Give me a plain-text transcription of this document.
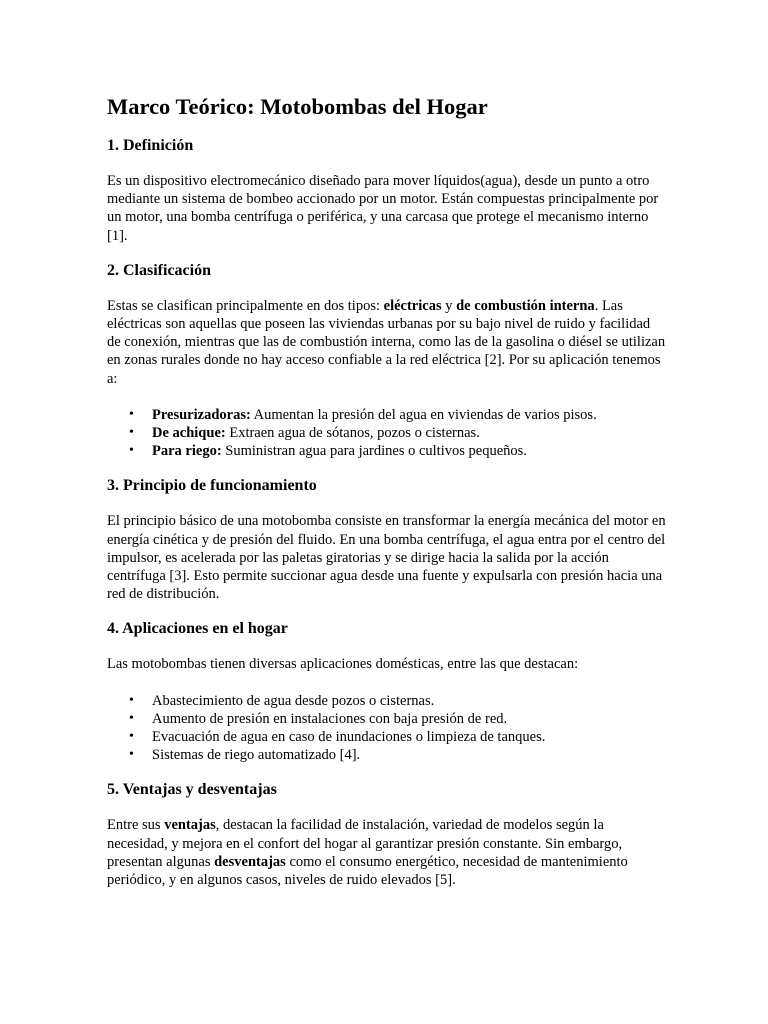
Marco Teórico: Motobombas del Hogar
1. Definición

Es un dispositivo electromecánico diseñado para mover líquidos(agua), desde un punto a otro mediante un sistema de bombeo accionado por un motor. Están compuestas principalmente por un motor, una bomba centrífuga o periférica, y una carcasa que protege el mecanismo interno [1].

2. Clasificación

Estas se clasifican principalmente en dos tipos: eléctricas y de combustión interna. Las eléctricas son aquellas que poseen las viviendas urbanas por su bajo nivel de ruido y facilidad de conexión, mientras que las de combustión interna, como las de la gasolina o diésel se utilizan en zonas rurales donde no hay acceso confiable a la red eléctrica [2]. Por su aplicación tenemos a:

• Presurizadoras: Aumentan la presión del agua en viviendas de varios pisos.
• De achique: Extraen agua de sótanos, pozos o cisternas.
• Para riego: Suministran agua para jardines o cultivos pequeños.
3. Principio de funcionamiento

El principio básico de una motobomba consiste en transformar la energía mecánica del motor en energía cinética y de presión del fluido. En una bomba centrífuga, el agua entra por el centro del impulsor, es acelerada por las paletas giratorias y se dirige hacia la salida por la acción centrífuga [3]. Esto permite succionar agua desde una fuente y expulsarla con presión hacia una red de distribución.

4. Aplicaciones en el hogar

Las motobombas tienen diversas aplicaciones domésticas, entre las que destacan:

• Abastecimiento de agua desde pozos o cisternas.
• Aumento de presión en instalaciones con baja presión de red.
• Evacuación de agua en caso de inundaciones o limpieza de tanques.
• Sistemas de riego automatizado [4].
5. Ventajas y desventajas

Entre sus ventajas, destacan la facilidad de instalación, variedad de modelos según la necesidad, y mejora en el confort del hogar al garantizar presión constante. Sin embargo, presentan algunas desventajas como el consumo energético, necesidad de mantenimiento periódico, y en algunos casos, niveles de ruido elevados [5].
